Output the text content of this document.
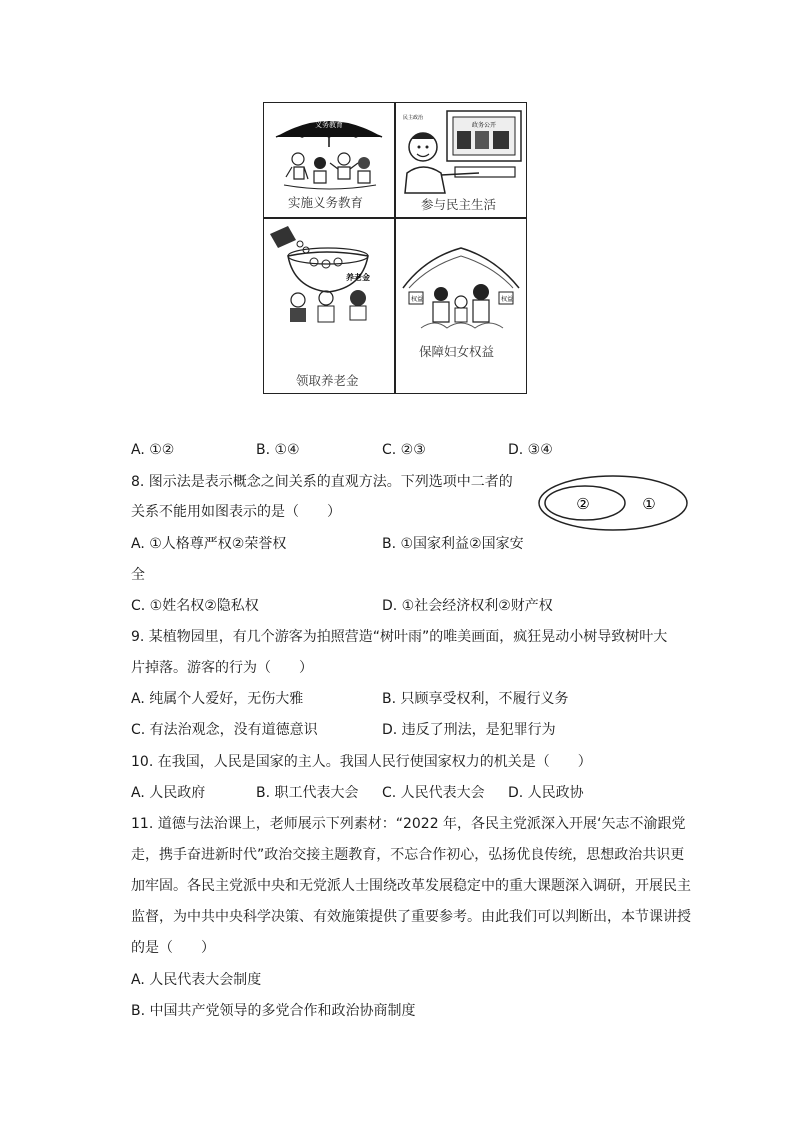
义务教育
实施义务教育
政务公开
民主政治
参与民主生活
养老金
领取养老金
权益	权益
保障妇女权益
A. ①②	B. ①④	C. ②③	D. ③④
8. 图示法是表示概念之间关系的直观方法。下列选项中二者的
关系不能用如图表示的是（　　）	②	①
A. ①人格尊严权②荣誉权	B. ①国家利益②国家安
全
C. ①姓名权②隐私权	D. ①社会经济权利②财产权
9. 某植物园里，有几个游客为拍照营造“树叶雨”的唯美画面，疯狂晃动小树导致树叶大
片掉落。游客的行为（　　）
A. 纯属个人爱好，无伤大雅	B. 只顾享受权利，不履行义务
C. 有法治观念，没有道德意识	D. 违反了刑法，是犯罪行为
10. 在我国，人民是国家的主人。我国人民行使国家权力的机关是（　　）
A. 人民政府	B. 职工代表大会 C. 人民代表大会 D. 人民政协
11. 道德与法治课上，老师展示下列素材：“2022 年，各民主党派深入开展‘矢志不渝跟党
走，携手奋进新时代”政治交接主题教育，不忘合作初心，弘扬优良传统，思想政治共识更
加牢固。各民主党派中央和无党派人士围绕改革发展稳定中的重大课题深入调研，开展民主
监督，为中共中央科学决策、有效施策提供了重要参考。由此我们可以判断出，本节课讲授
的是（　　）
A. 人民代表大会制度
B. 中国共产党领导的多党合作和政治协商制度
